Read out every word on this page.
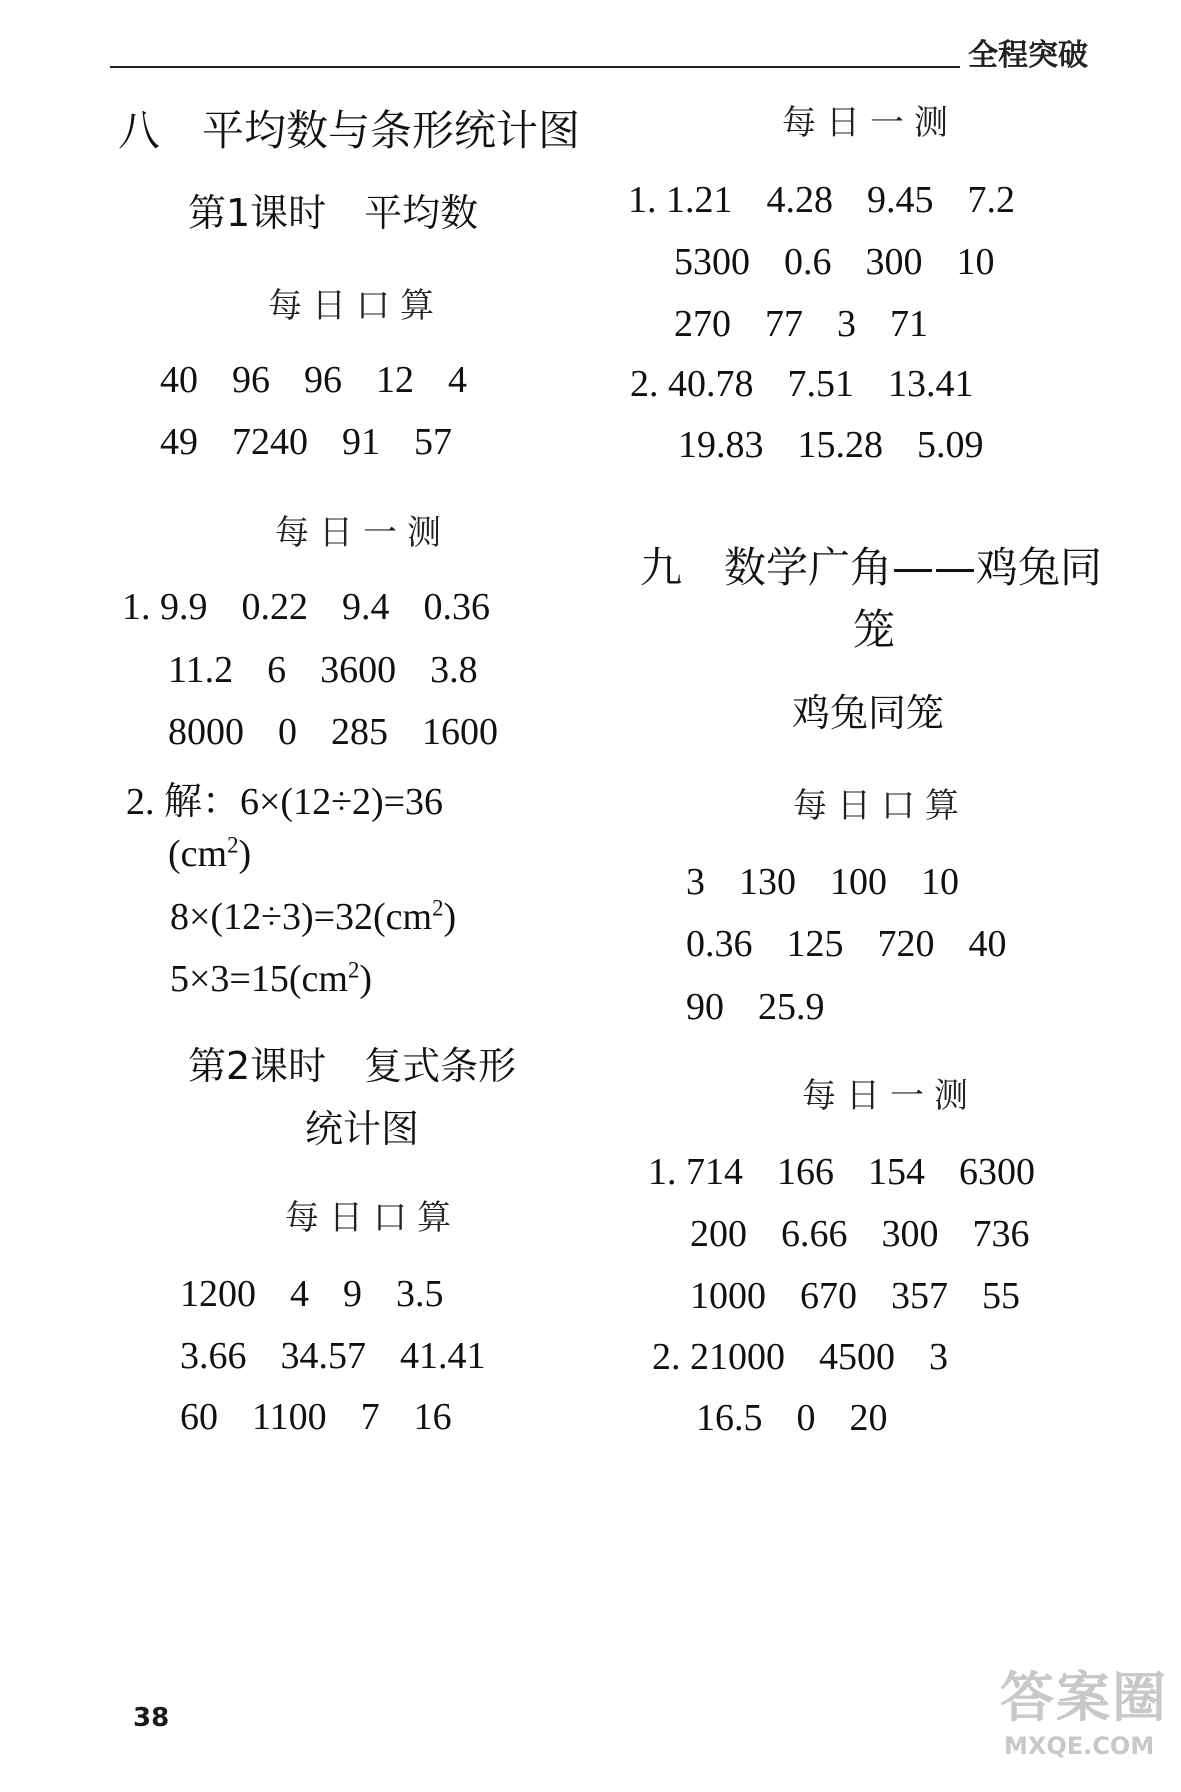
全程突破
八　平均数与条形统计图
第1课时　平均数
每日口算
40 96 96 12 4
49 7240 91 57
每日一测
1. 9.9 0.22 9.4 0.36
11.2 6 3600 3.8
8000 0 285 1600
2. 解：6×(12÷2)=36
$(cm^2)$
$8\times(12\div 3)=32(cm^2)$
$5\times 3=15(cm^2)$
第2课时　复式条形
统计图
每日口算
1200 4 9 3.5
3.66 34.57 41.41
60 1100 7 16
每日一测
1. 1.21 4.28 9.45 7.2
5300 0.6 300 10
270 77 3 71
2. 40.78 7.51 13.41
19.83 15.28 5.09
九　数学广角——鸡兔同
笼
鸡兔同笼
每日口算
3 130 100 10
0.36 125 720 40
90 25.9
每日一测
1. 714 166 154 6300
200 6.66 300 736
1000 670 357 55
2. 21000 4500 3
16.5 0 20
38	答案圈
MXQE.COM
